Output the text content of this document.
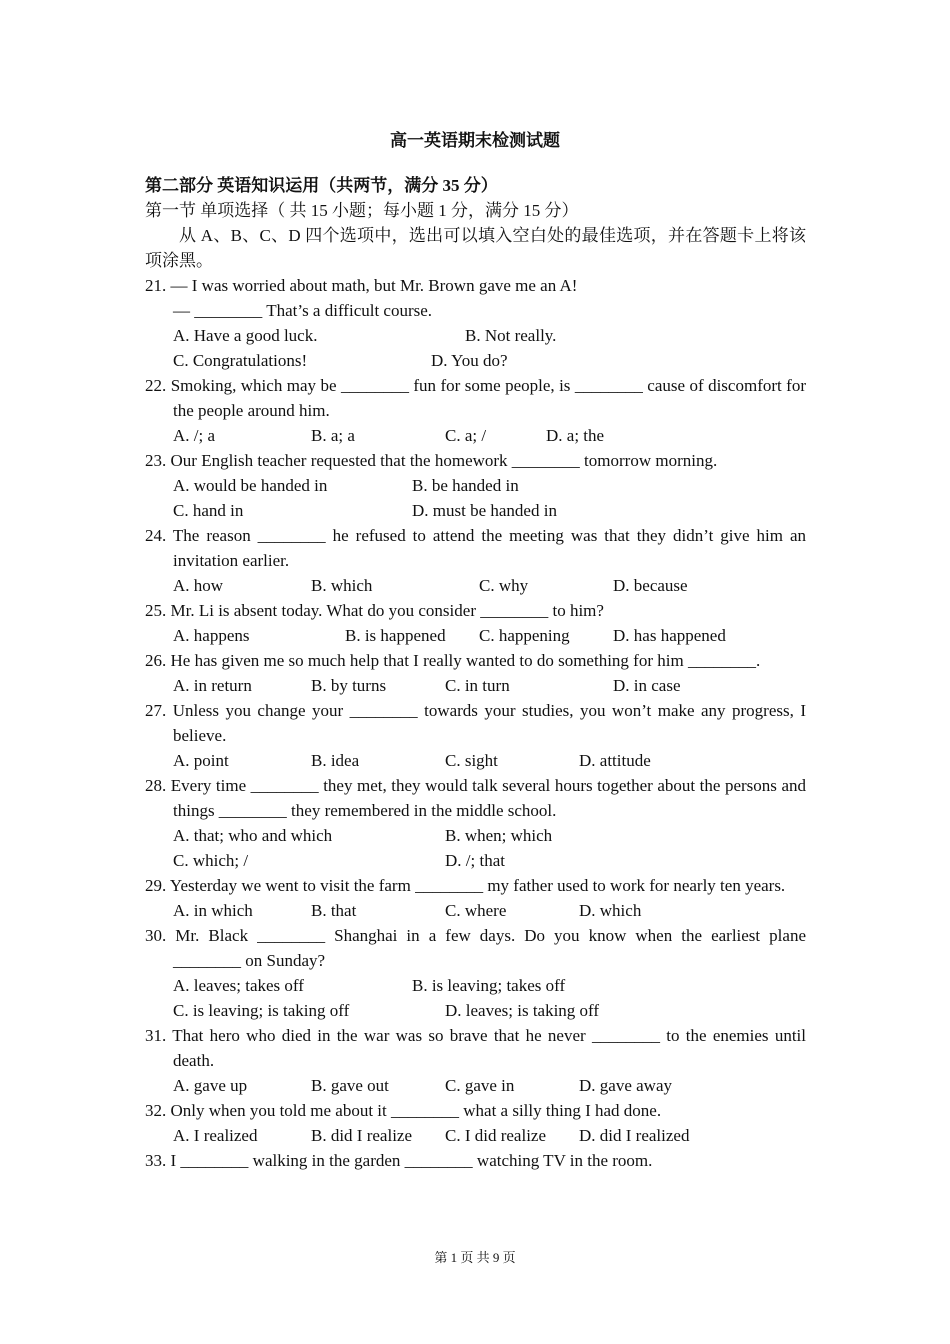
高一英语期末检测试题
第二部分 英语知识运用（共两节，满分 35 分）
第一节 单项选择（ 共 15 小题；每小题 1 分，满分 15 分）
从 A、B、C、D 四个选项中，选出可以填入空白处的最佳选项，并在答题卡上将该项涂黑。
21. — I was worried about math, but Mr. Brown gave me an A!
— ________ That’s a difficult course.
A. Have a good luck.	B. Not really.
C. Congratulations!	D. You do?
22. Smoking, which may be ________ fun for some people, is ________ cause of discomfort for the people around him.
A. /; a	B. a; a	C. a; /	D. a; the
23. Our English teacher requested that the homework ________ tomorrow morning.
A. would be handed in	B. be handed in
C. hand in	D. must be handed in
24. The reason ________ he refused to attend the meeting was that they didn’t give him an invitation earlier.
A. how	B. which	C. why	D. because
25. Mr. Li is absent today. What do you consider ________ to him?
A. happens	B. is happened C. happening	D. has happened
26. He has given me so much help that I really wanted to do something for him ________.
A. in return	B. by turns	C. in turn	D. in case
27. Unless you change your ________ towards your studies, you won’t make any progress, I believe.
A. point	B. idea	C. sight	D. attitude
28. Every time ________ they met, they would talk several hours together about the persons and things ________ they remembered in the middle school.
A. that; who and which	B. when; which
C. which; /	D. /; that
29. Yesterday we went to visit the farm ________ my father used to work for nearly ten years.
A. in which	B. that	C. where	D. which
30. Mr. Black ________ Shanghai in a few days. Do you know when the earliest plane ________ on Sunday?
A. leaves; takes off	B. is leaving; takes off
C. is leaving; is taking off	D. leaves; is taking off
31. That hero who died in the war was so brave that he never ________ to the enemies until death.
A. gave up	B. gave out	C. gave in	D. gave away
32. Only when you told me about it ________ what a silly thing I had done.
A. I realized	B. did I realize C. I did realize D. did I realized
33. I ________ walking in the garden ________ watching TV in the room.
第 1 页 共 9 页
